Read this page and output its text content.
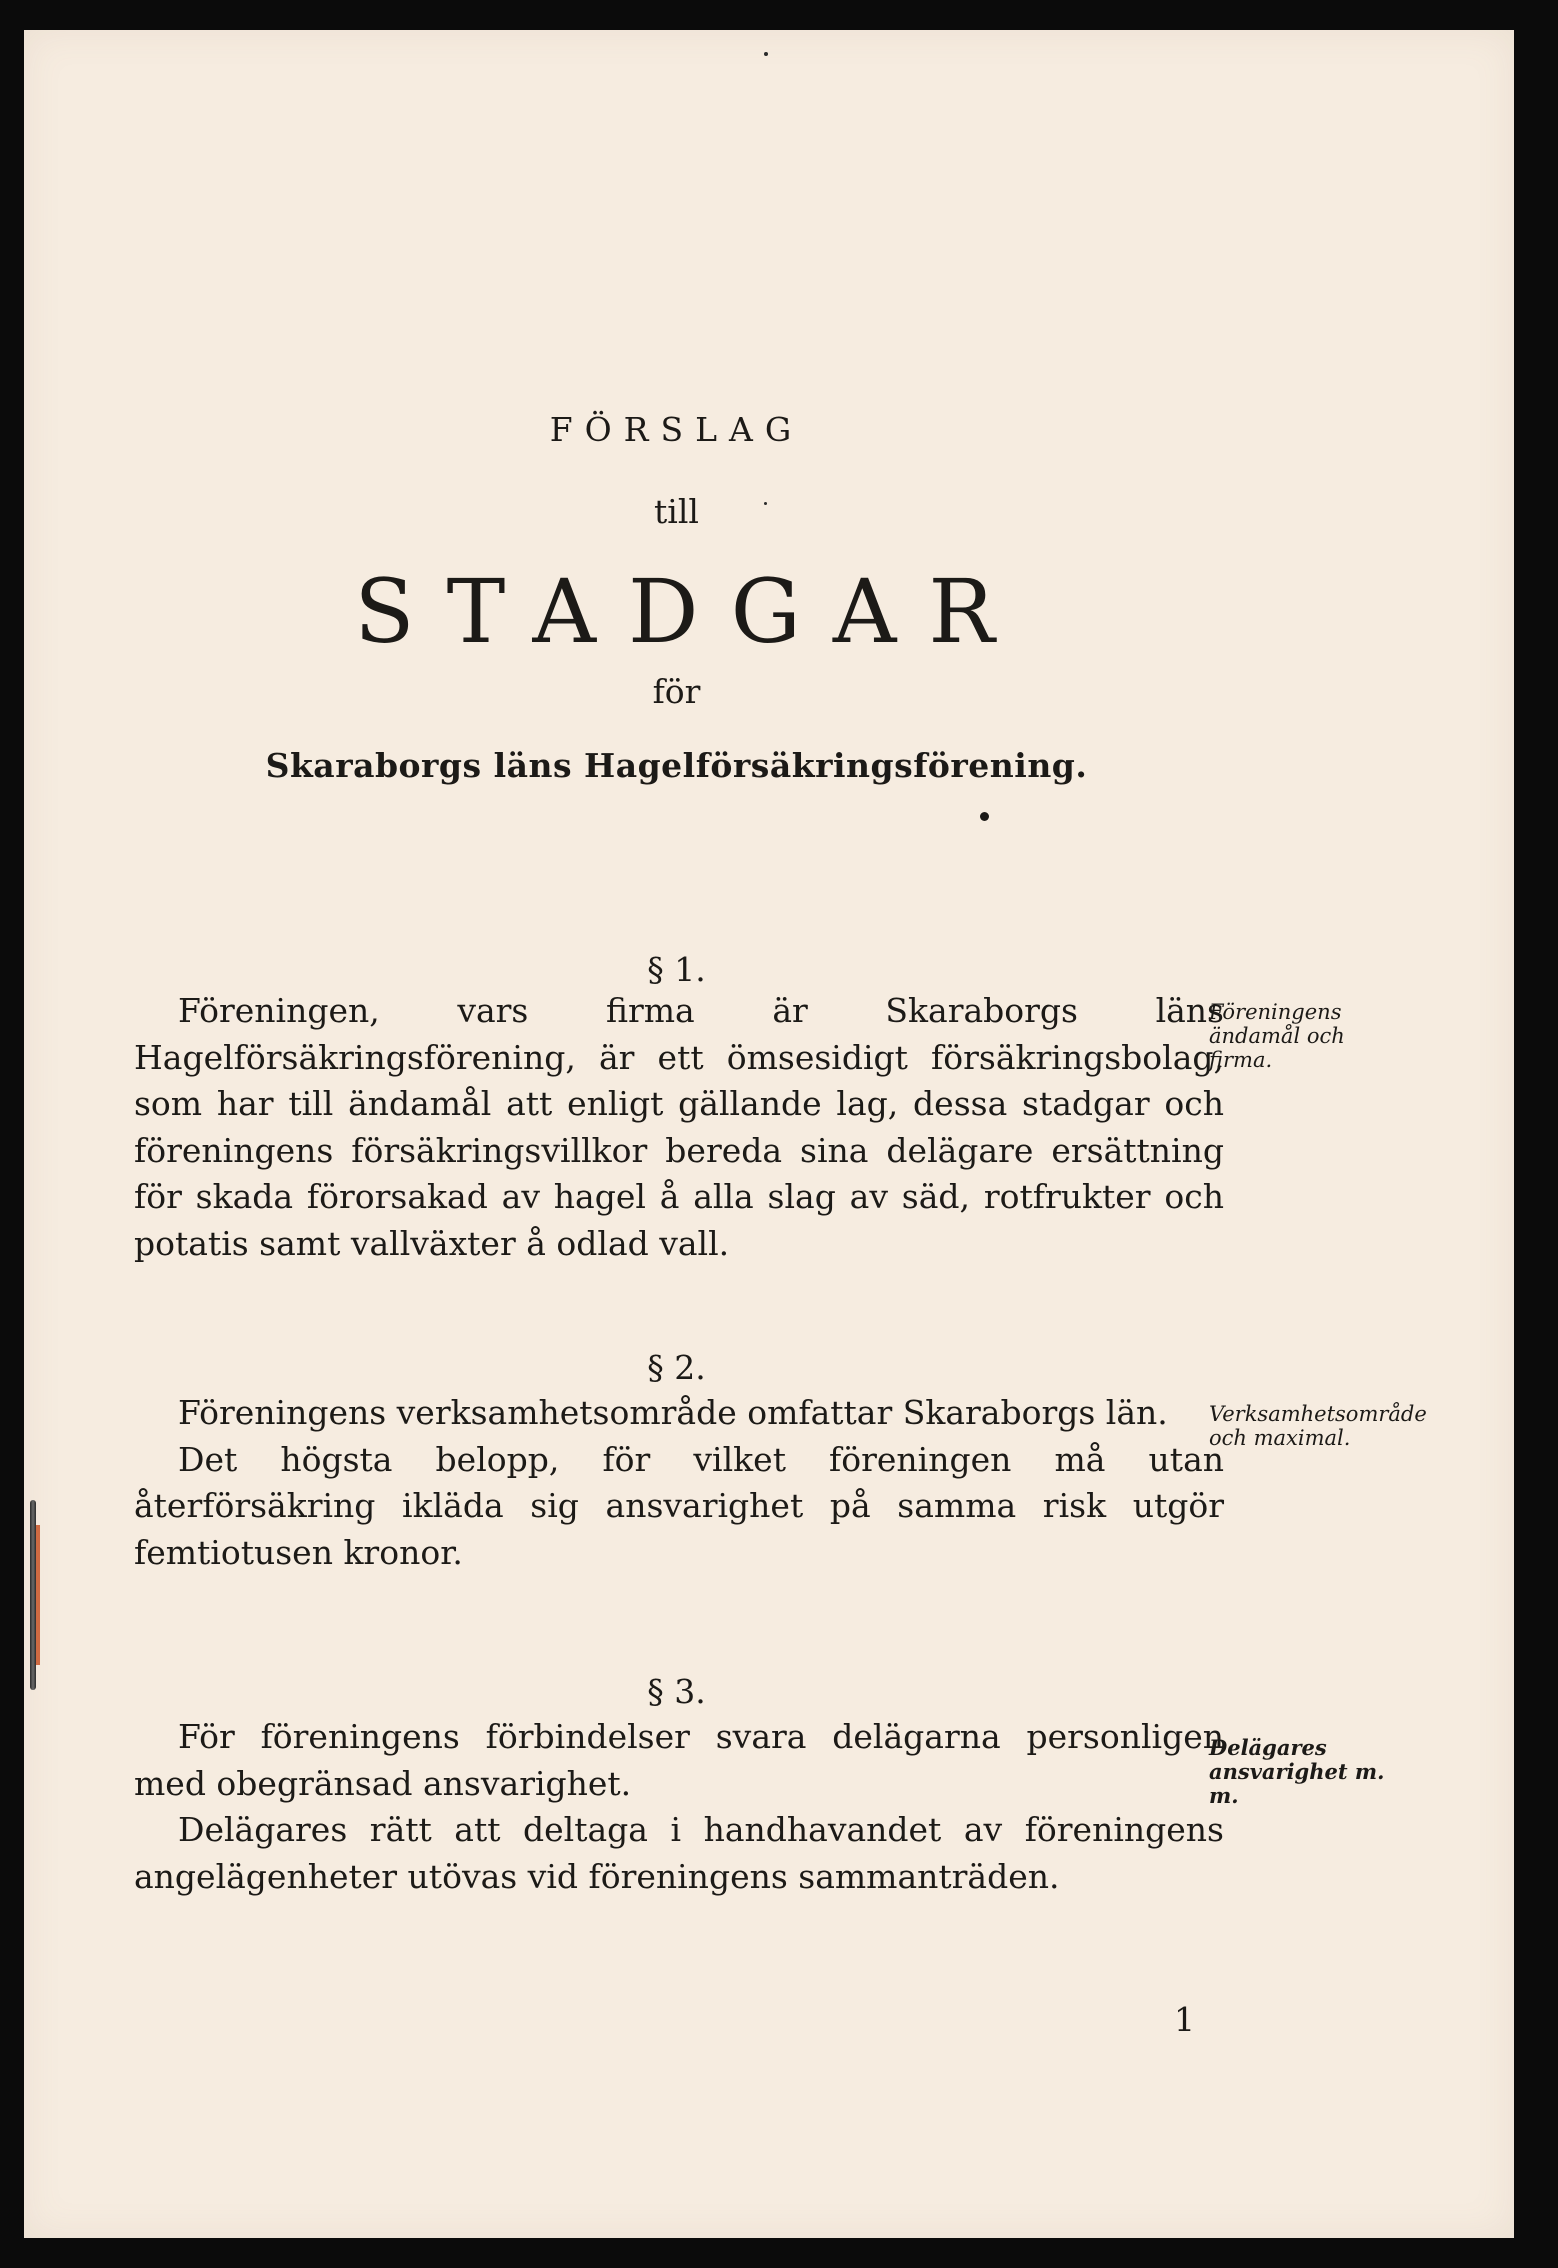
FÖRSLAG
till
STADGAR
för
Skaraborgs läns Hagelförsäkringsförening.
§ 1.

Föreningen, vars firma är Skaraborgs läns Hagelförsäkringsförening, är ett ömsesidigt försäkringsbolag, som har till ändamål att enligt gällande lag, dessa stadgar och föreningens försäkringsvillkor bereda sina delägare ersättning för skada förorsakad av hagel å alla slag av säd, rotfrukter och potatis samt vallväxter å odlad vall.

Föreningens ändamål och firma.
§ 2.

Föreningens verksamhetsområde omfattar Skaraborgs län.

Det högsta belopp, för vilket föreningen må utan återförsäkring ikläda sig ansvarighet på samma risk utgör femtiotusen kronor.

Verksamhetsområde och maximal.
§ 3.

För föreningens förbindelser svara delägarna personligen med obegränsad ansvarighet.

Delägares rätt att deltaga i handhavandet av föreningens angelägenheter utövas vid föreningens sammanträden.

Delägares ansvarighet m. m.
1
